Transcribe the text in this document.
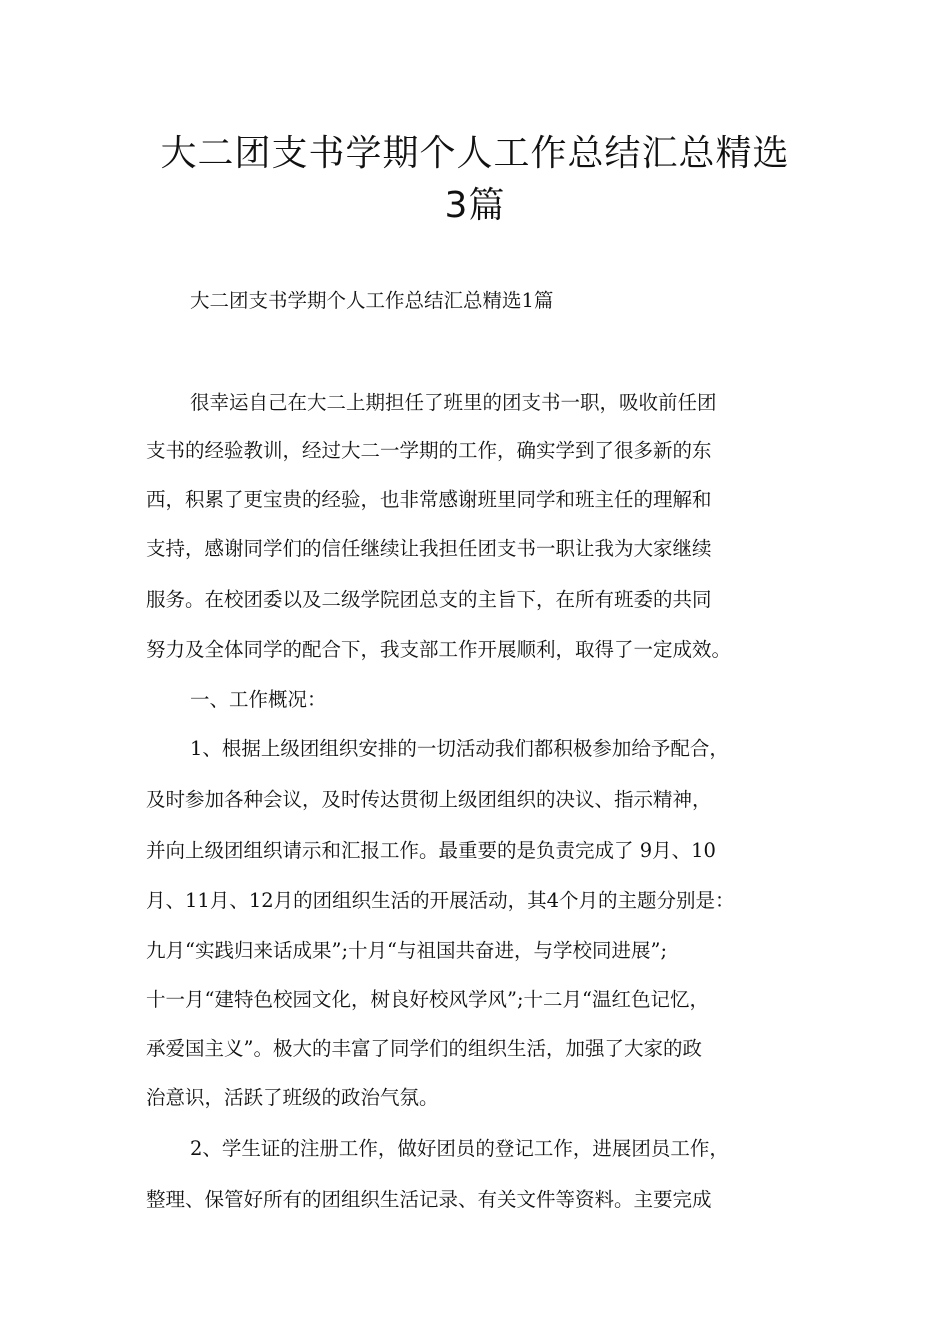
大二团支书学期个人工作总结汇总精选
3篇
大二团支书学期个人工作总结汇总精选1篇
很幸运自己在大二上期担任了班里的团支书一职，吸收前任团
支书的经验教训，经过大二一学期的工作，确实学到了很多新的东
西，积累了更宝贵的经验，也非常感谢班里同学和班主任的理解和
支持，感谢同学们的信任继续让我担任团支书一职让我为大家继续
服务。在校团委以及二级学院团总支的主旨下，在所有班委的共同
努力及全体同学的配合下，我支部工作开展顺利，取得了一定成效。
一、工作概况：
1、根据上级团组织安排的一切活动我们都积极参加给予配合，
及时参加各种会议，及时传达贯彻上级团组织的决议、指示精神，
并向上级团组织请示和汇报工作。最重要的是负责完成了 9月、10
月、11月、12月的团组织生活的开展活动，其4个月的主题分别是：
九月“实践归来话成果”;十月“与祖国共奋进，与学校同进展”;
十一月“建特色校园文化，树良好校风学风”;十二月“温红色记忆，
承爱国主义”。极大的丰富了同学们的组织生活，加强了大家的政
治意识，活跃了班级的政治气氛。
2、学生证的注册工作，做好团员的登记工作，进展团员工作，
整理、保管好所有的团组织生活记录、有关文件等资料。主要完成
